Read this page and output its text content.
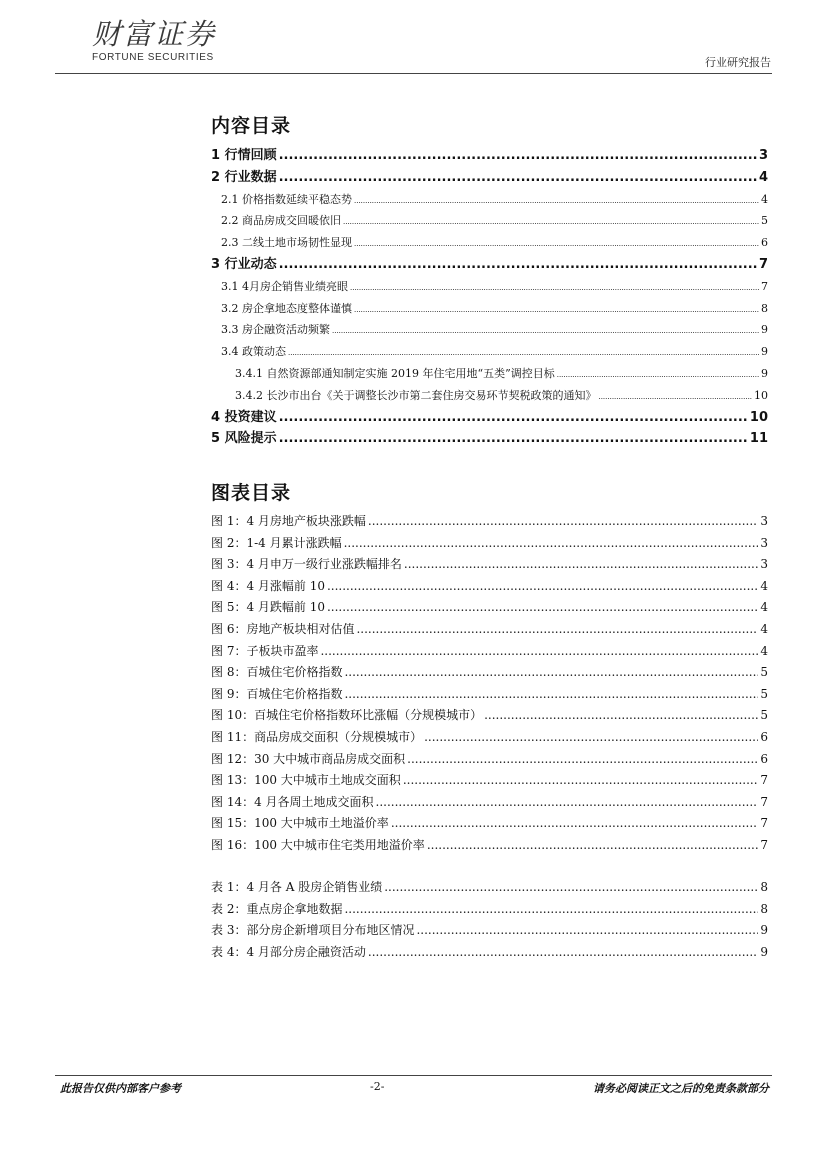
财富证券
FORTUNE SECURITIES	行业研究报告
内容目录
1 行情回顾 .....	3
2 行业数据 .....	4
2.1 价格指数延续平稳态势 .....	4
2.2 商品房成交回暖依旧 .....	5
2.3 二线土地市场韧性显现 .....	6
3 行业动态 .....	7
3.1 4月房企销售业绩亮眼 .....	7
3.2 房企拿地态度整体谨慎 .....	8
3.3 房企融资活动频繁 .....	9
3.4 政策动态 .....	9
3.4.1 自然资源部通知制定实施 2019 年住宅用地“五类”调控目标 .....	9
3.4.2 长沙市出台《关于调整长沙市第二套住房交易环节契税政策的通知》 .....	10
4 投资建议 .....	10
5 风险提示 .....	11
图表目录
图 1：4 月房地产板块涨跌幅 .....	3
图 2：1-4 月累计涨跌幅 .....	3
图 3：4 月申万一级行业涨跌幅排名 .....	3
图 4：4 月涨幅前 10 .....	4
图 5：4 月跌幅前 10 .....	4
图 6：房地产板块相对估值 .....	4
图 7：子板块市盈率 .....	4
图 8：百城住宅价格指数 .....	5
图 9：百城住宅价格指数 .....	5
图 10：百城住宅价格指数环比涨幅（分规模城市） .....	5
图 11：商品房成交面积（分规模城市） .....	6
图 12：30 大中城市商品房成交面积 .....	6
图 13：100 大中城市土地成交面积 .....	7
图 14：4 月各周土地成交面积 .....	7
图 15：100 大中城市土地溢价率 .....	7
图 16：100 大中城市住宅类用地溢价率 .....	7
表 1：4 月各 A 股房企销售业绩 .....	8
表 2：重点房企拿地数据 .....	8
表 3：部分房企新增项目分布地区情况 .....	9
表 4：4 月部分房企融资活动 .....	9
此报告仅供内部客户参考	-2-	请务必阅读正文之后的免责条款部分
